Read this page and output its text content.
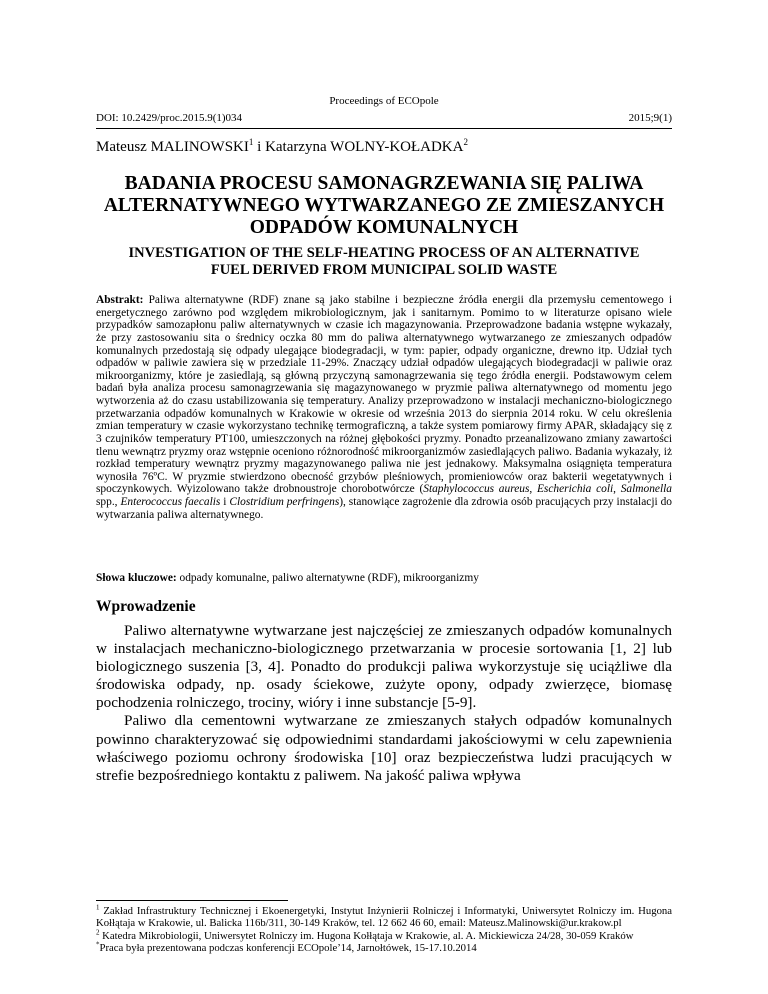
Proceedings of ECOpole
DOI: 10.2429/proc.2015.9(1)034	2015;9(1)
Mateusz MALINOWSKI$^1$ i Katarzyna WOLNY-KOŁADKA$^2$
BADANIA PROCESU SAMONAGRZEWANIA SIĘ PALIWA
ALTERNATYWNEGO WYTWARZANEGO ZE ZMIESZANYCH
ODPADÓW KOMUNALNYCH
INVESTIGATION OF THE SELF-HEATING PROCESS OF AN ALTERNATIVE
FUEL DERIVED FROM MUNICIPAL SOLID WASTE
Abstrakt: Paliwa alternatywne (RDF) znane są jako stabilne i bezpieczne źródła energii dla przemysłu cementowego i energetycznego zarówno pod względem mikrobiologicznym, jak i sanitarnym. Pomimo to w literaturze opisano wiele przypadków samozapłonu paliw alternatywnych w czasie ich magazynowania. Przeprowadzone badania wstępne wykazały, że przy zastosowaniu sita o średnicy oczka 80 mm do paliwa alternatywnego wytwarzanego ze zmieszanych odpadów komunalnych przedostają się odpady ulegające biodegradacji, w tym: papier, odpady organiczne, drewno itp. Udział tych odpadów w paliwie zawiera się w przedziale 11-29%. Znaczący udział odpadów ulegających biodegradacji w paliwie oraz mikroorganizmy, które je zasiedlają, są główną przyczyną samonagrzewania się tego źródła energii. Podstawowym celem badań była analiza procesu samonagrzewania się magazynowanego w pryzmie paliwa alternatywnego od momentu jego wytworzenia aż do czasu ustabilizowania się temperatury. Analizy przeprowadzono w instalacji mechaniczno-biologicznego przetwarzania odpadów komunalnych w Krakowie w okresie od września 2013 do sierpnia 2014 roku. W celu określenia zmian temperatury w czasie wykorzystano technikę termograficzną, a także system pomiarowy firmy APAR, składający się z 3 czujników temperatury PT100, umieszczonych na różnej głębokości pryzmy. Ponadto przeanalizowano zmiany zawartości tlenu wewnątrz pryzmy oraz wstępnie oceniono różnorodność mikroorganizmów zasiedlających paliwo. Badania wykazały, iż rozkład temperatury wewnątrz pryzmy magazynowanego paliwa nie jest jednakowy. Maksymalna osiągnięta temperatura wynosiła 76ºC. W pryzmie stwierdzono obecność grzybów pleśniowych, promieniowców oraz bakterii wegetatywnych i spoczynkowych. Wyizolowano także drobnoustroje chorobotwórcze (Staphylococcus aureus, Escherichia coli, Salmonella spp., Enterococcus faecalis i Clostridium perfringens), stanowiące zagrożenie dla zdrowia osób pracujących przy instalacji do wytwarzania paliwa alternatywnego.
Słowa kluczowe: odpady komunalne, paliwo alternatywne (RDF), mikroorganizmy
Wprowadzenie

Paliwo alternatywne wytwarzane jest najczęściej ze zmieszanych odpadów komunalnych w instalacjach mechaniczno-biologicznego przetwarzania w procesie sortowania [1, 2] lub biologicznego suszenia [3, 4]. Ponadto do produkcji paliwa wykorzystuje się uciążliwe dla środowiska odpady, np. osady ściekowe, zużyte opony, odpady zwierzęce, biomasę pochodzenia rolniczego, trociny, wióry i inne substancje [5-9].

Paliwo dla cementowni wytwarzane ze zmieszanych stałych odpadów komunalnych powinno charakteryzować się odpowiednimi standardami jakościowymi w celu zapewnienia właściwego poziomu ochrony środowiska [10] oraz bezpieczeństwa ludzi pracujących w strefie bezpośredniego kontaktu z paliwem. Na jakość paliwa wpływa

$^1$ Zakład Infrastruktury Technicznej i Ekoenergetyki, Instytut Inżynierii Rolniczej i Informatyki, Uniwersytet Rolniczy im. Hugona Kołłątaja w Krakowie, ul. Balicka 116b/311, 30-149 Kraków, tel. 12 662 46 60, email: Mateusz.Malinowski@ur.krakow.pl

$^2$ Katedra Mikrobiologii, Uniwersytet Rolniczy im. Hugona Kołłątaja w Krakowie, al. A. Mickiewicza 24/28, 30-059 Kraków

*Praca była prezentowana podczas konferencji ECOpole’14, Jarnołtówek, 15-17.10.2014
